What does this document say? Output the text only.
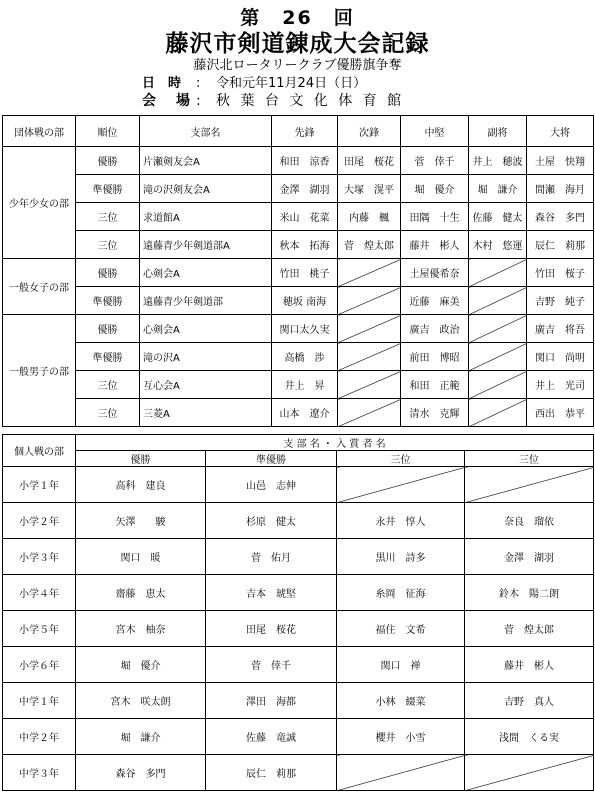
第　26　回
藤沢市剣道錬成大会記録
藤沢北ロータリークラブ優勝旗争奪
日　時 : 令和元年11月24日（日）
会　場 : 秋 葉 台 文 化 体 育 館
団体戦の部	順位	支部名	先鋒	次鋒	中堅	副将	大将
少年少女の部	優勝	片瀬剣友会A	和田　涼香	田尾　桜花	菅　倖千	井上　穂波	土屋　快翔
	準優勝	滝の沢剣友会A	金澤　湖羽	大塚　滉平	堀　優介	堀　謙介	間瀬　海月
	三位	求道館A	米山　花菜	内藤　楓	田隅　十生	佐藤　健太	森谷　多門
	三位	遠藤青少年剣道部A	秋本　拓海	菅　煌太郎	藤井　彬人	木村　悠運	辰仁　莉那
一般女子の部	優勝	心剣会A	竹田　桃子		土屋優希奈		竹田　桜子
	準優勝	遠藤青少年剣道部	穂坂 南海		近藤　麻美		吉野　純子
一般男子の部	優勝	心剣会A	関口太久実		廣吉　政治		廣吉　将吾
	準優勝	滝の沢A	高橋　渉		前田　博昭		関口　尚明
	三位	互心会A	井上　昇		和田　正範		井上　光司
	三位	三菱A	山本　遼介		清水　克輝		西出　恭平
個人戦の部	支 部 名 ・ 入 賞 者 名			
	優勝	準優勝	三位	三位
小学１年	高科　建良	山邑　志伸		
小学２年	矢澤　　駿	杉原　健太	永井　惇人	奈良　瑠依
小学３年	関口　暖	菅　佑月	黒川　詩多	金澤　湖羽
小学４年	齋藤　恵太	吉本　琥堅	糸岡　征海	鈴木　陽二朗
小学５年	宮木　柚奈	田尾　桜花	福住　文希	菅　煌太郎
小学６年	堀　優介	菅　倖千	関口　禅	藤井　彬人
中学１年	宮木　咲太朗	澤田　海都	小林　綴菜	吉野　真人
中学２年	堀　謙介	佐藤　竜誠	櫻井　小雪	浅間　くる実
中学３年	森谷　多門	辰仁　莉那		
